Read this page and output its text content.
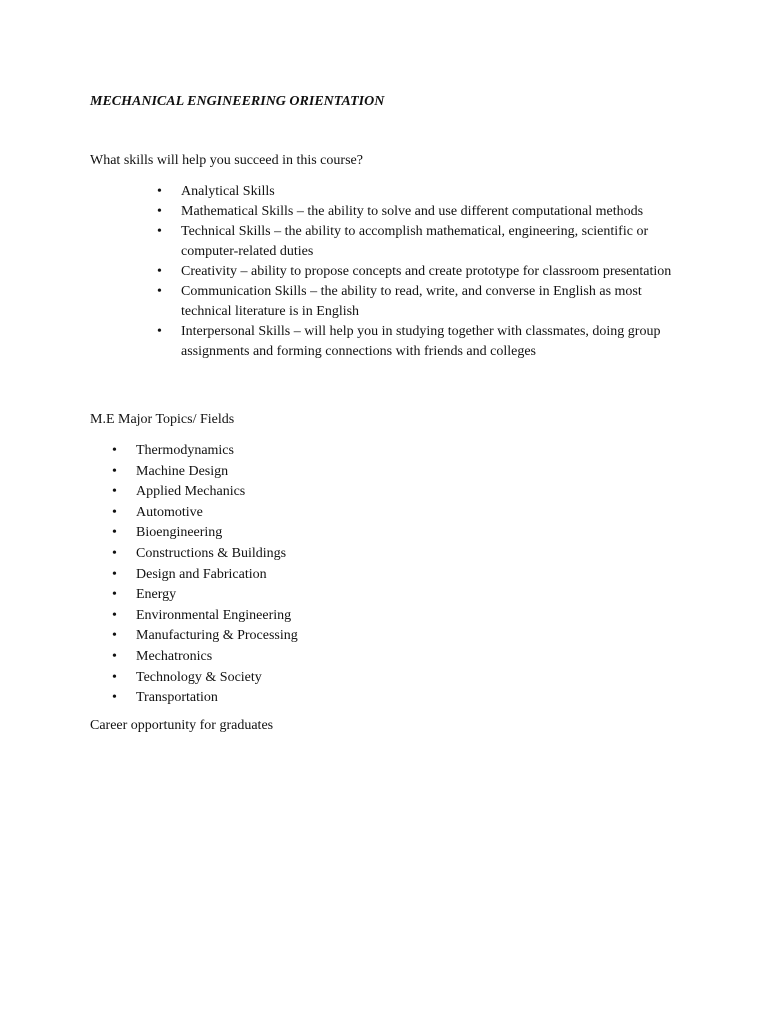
MECHANICAL ENGINEERING ORIENTATION
What skills will help you succeed in this course?
• Analytical Skills
• Mathematical Skills – the ability to solve and use different computational methods
• Technical Skills – the ability to accomplish mathematical, engineering, scientific or computer-related duties
• Creativity – ability to propose concepts and create prototype for classroom presentation
• Communication Skills – the ability to read, write, and converse in English as most technical literature is in English
• Interpersonal Skills – will help you in studying together with classmates, doing group assignments and forming connections with friends and colleges
M.E Major Topics/ Fields
• Thermodynamics
• Machine Design
• Applied Mechanics
• Automotive
• Bioengineering
• Constructions & Buildings
• Design and Fabrication
• Energy
• Environmental Engineering
• Manufacturing & Processing
• Mechatronics
• Technology & Society
• Transportation
Career opportunity for graduates
